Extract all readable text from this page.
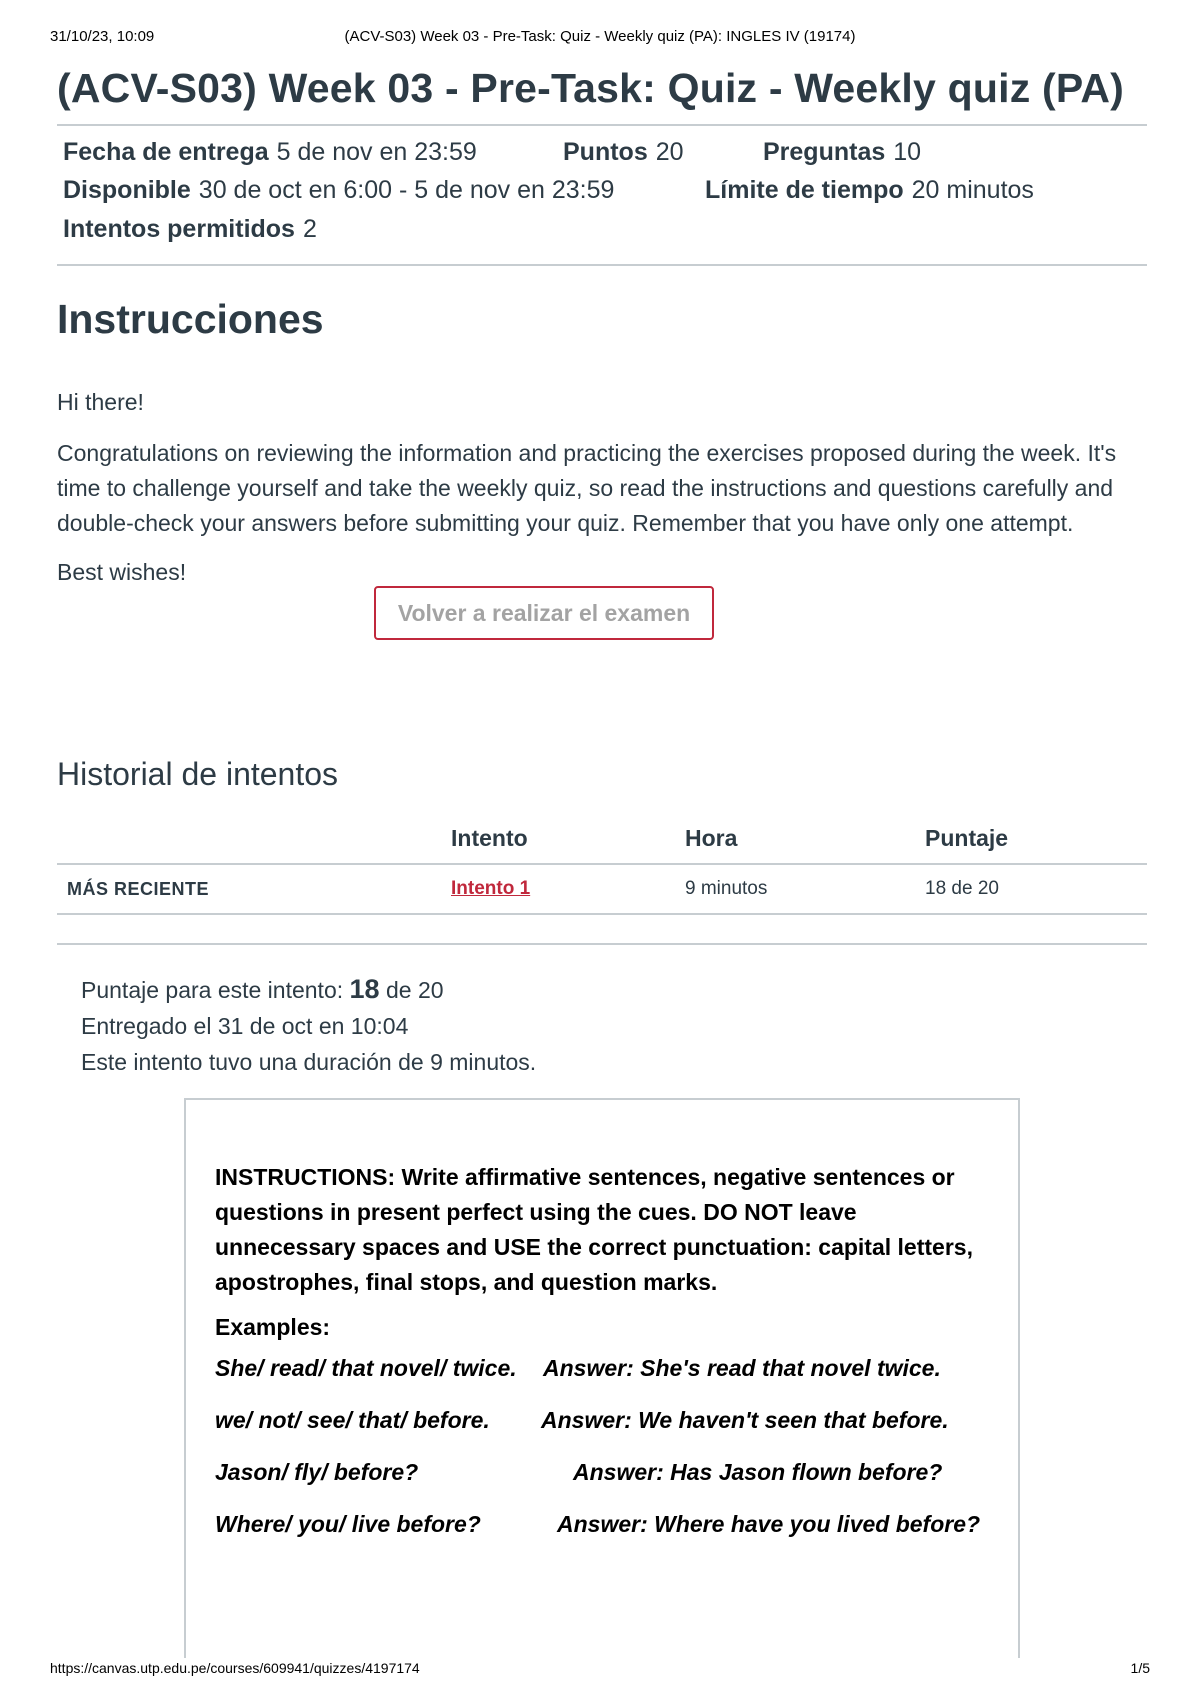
31/10/23, 10:09	(ACV-S03) Week 03 - Pre-Task: Quiz - Weekly quiz (PA): INGLES IV (19174)
(ACV-S03) Week 03 - Pre-Task: Quiz - Weekly quiz (PA)
Fecha de entrega 5 de nov en 23:59	Puntos 20	Preguntas 10
Disponible 30 de oct en 6:00 - 5 de nov en 23:59	Límite de tiempo 20 minutos
Intentos permitidos 2
Instrucciones

Hi there!

Congratulations on reviewing the information and practicing the exercises proposed during the week. It's time to challenge yourself and take the weekly quiz, so read the instructions and questions carefully and double-check your answers before submitting your quiz. Remember that you have only one attempt.

Best wishes!

Volver a realizar el examen
Historial de intentos
	Intento	Hora	Puntaje
MÁS RECIENTE	Intento 1	9 minutos	18 de 20
Puntaje para este intento: 18 de 20
Entregado el 31 de oct en 10:04
Este intento tuvo una duración de 9 minutos.

INSTRUCTIONS: Write affirmative sentences, negative sentences or questions in present perfect using the cues. DO NOT leave unnecessary spaces and USE the correct punctuation: capital letters, apostrophes, final stops, and question marks.

Examples:

She/ read/ that novel/ twice. Answer: She's read that novel twice.
we/ not/ see/ that/ before. Answer: We haven't seen that before.
Jason/ fly/ before?	Answer: Has Jason flown before?
Where/ you/ live before?	Answer: Where have you lived before?
https://canvas.utp.edu.pe/courses/609941/quizzes/4197174	1/5
